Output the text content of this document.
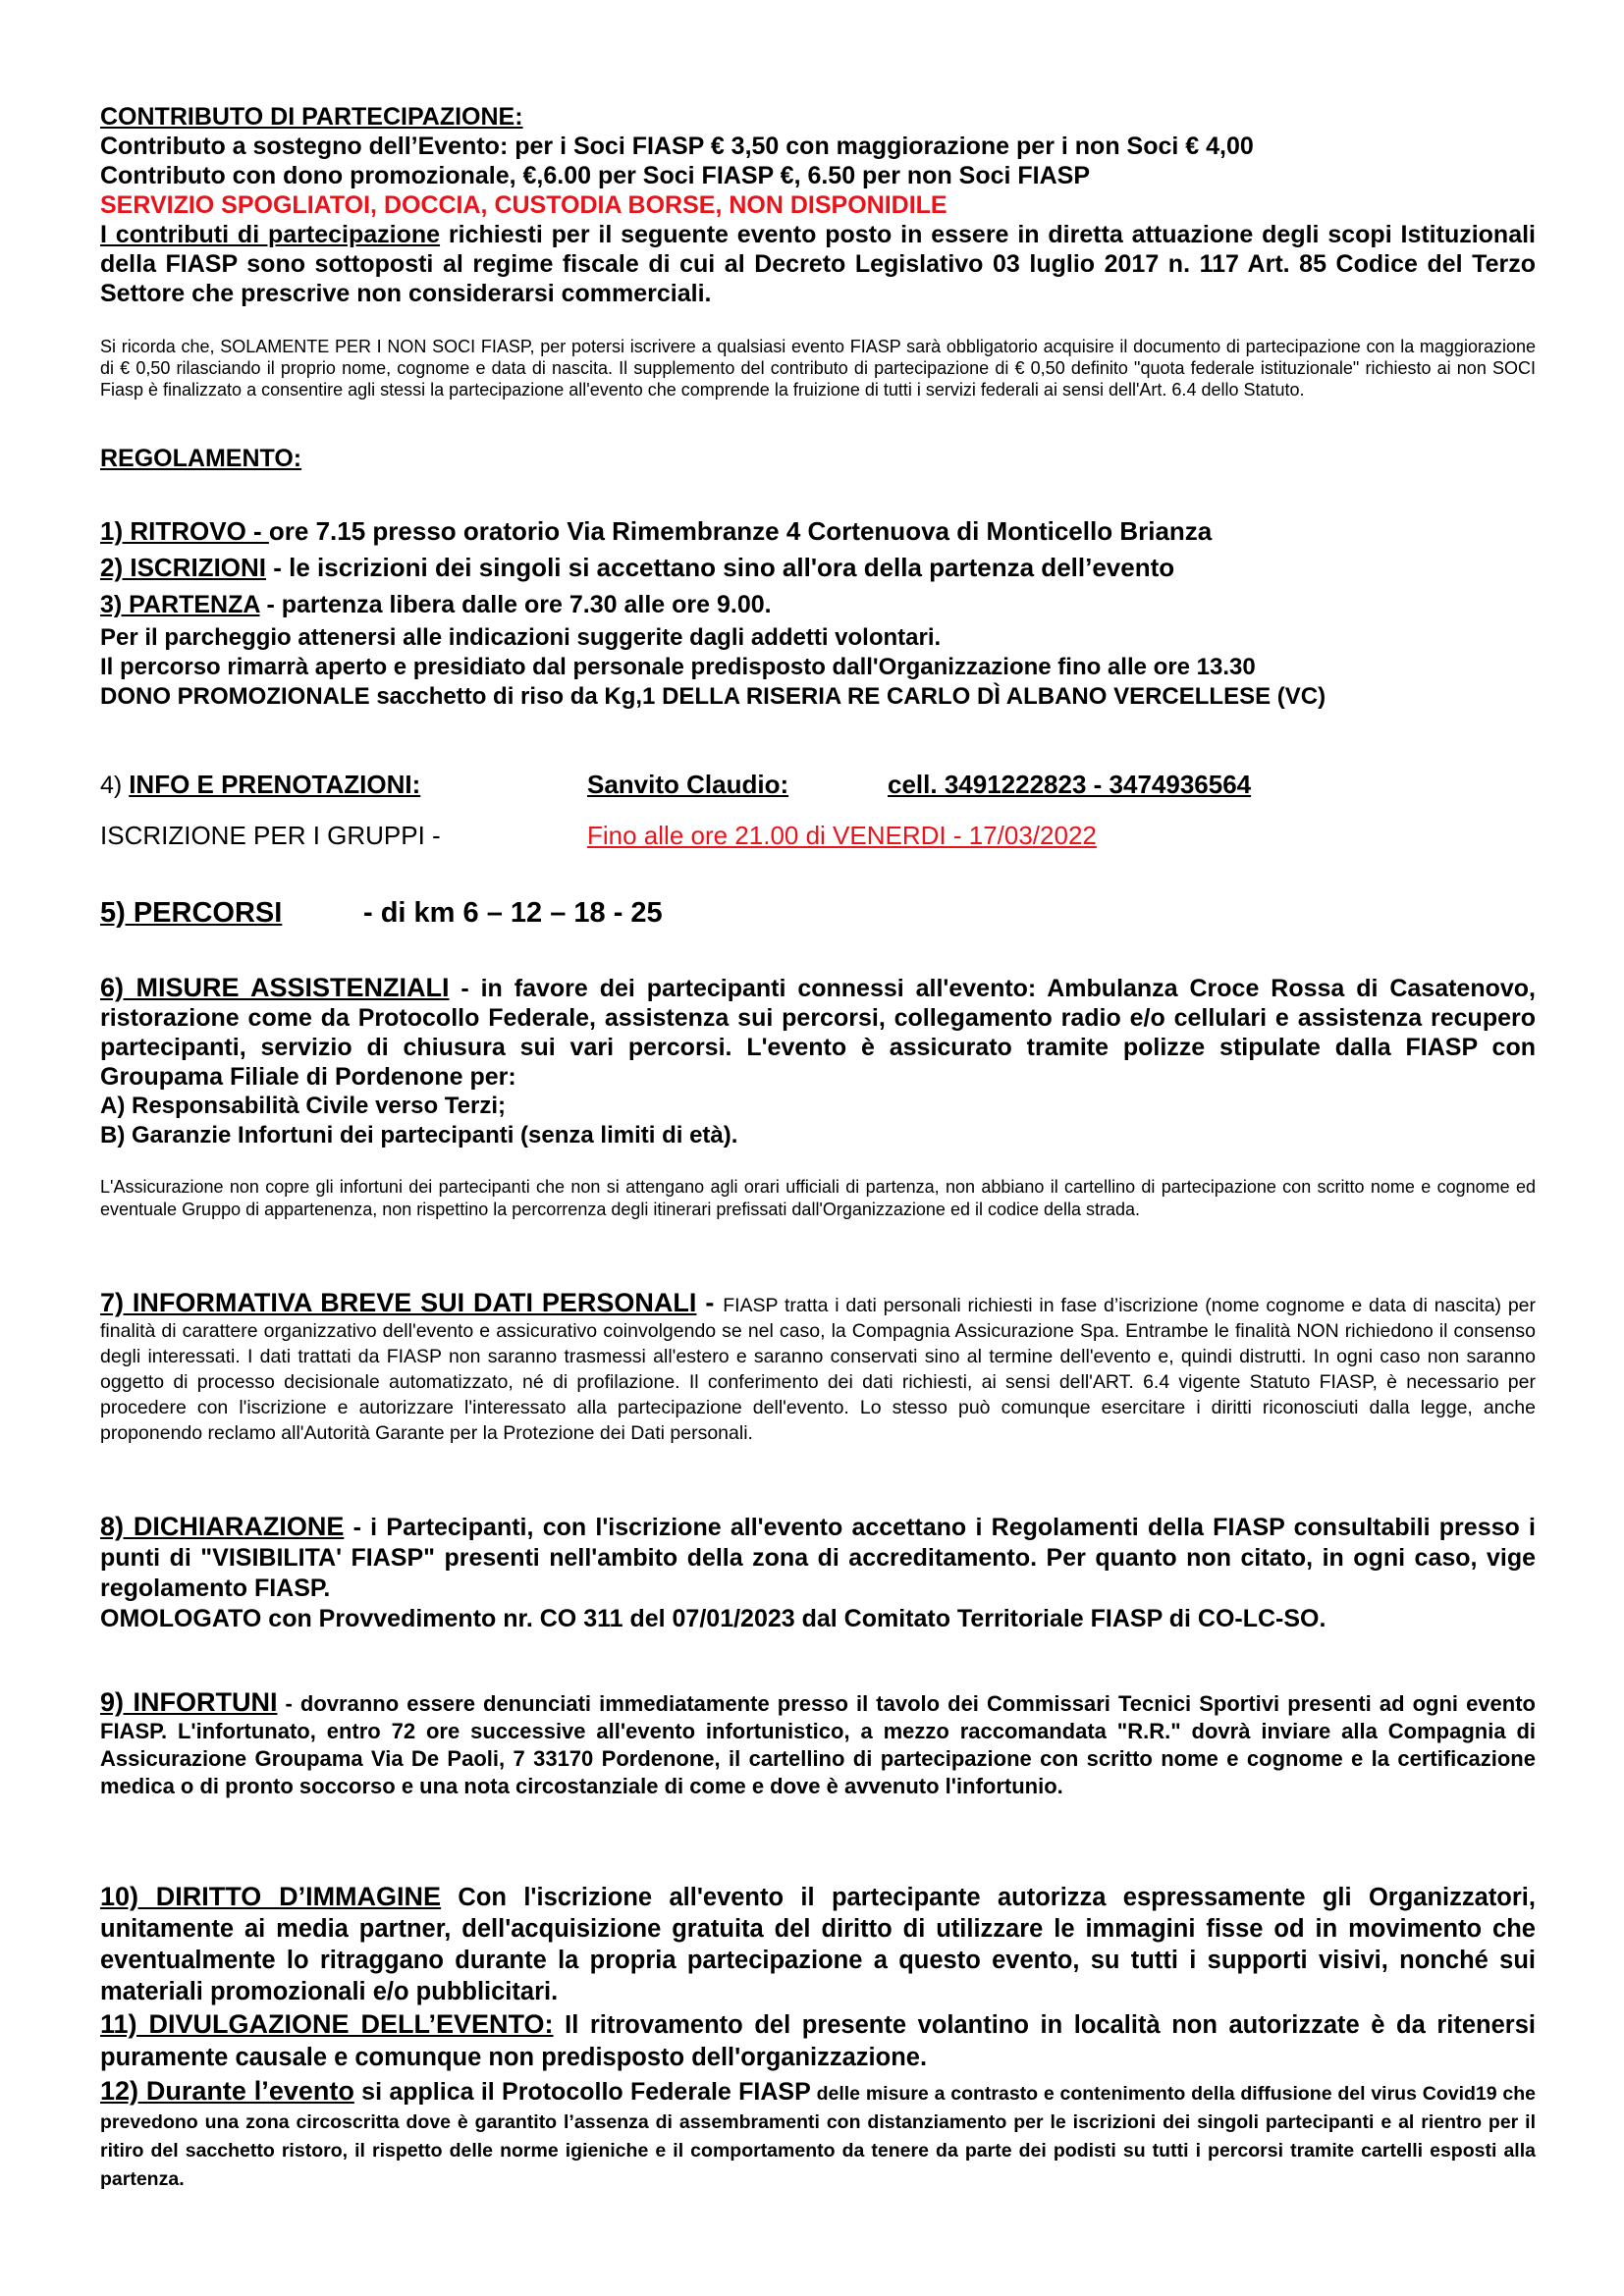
CONTRIBUTO DI PARTECIPAZIONE:

Contributo a sostegno dell’Evento: per i Soci FIASP € 3,50 con maggiorazione per i non Soci € 4,00

Contributo con dono promozionale, €,6.00 per Soci FIASP €, 6.50 per non Soci FIASP

SERVIZIO SPOGLIATOI, DOCCIA, CUSTODIA BORSE, NON DISPONIDILE

I contributi di partecipazione richiesti per il seguente evento posto in essere in diretta attuazione degli scopi Istituzionali della FIASP sono sottoposti al regime fiscale di cui al Decreto Legislativo 03 luglio 2017 n. 117 Art. 85 Codice del Terzo Settore che prescrive non considerarsi commerciali.

Si ricorda che, SOLAMENTE PER I NON SOCI FIASP, per potersi iscrivere a qualsiasi evento FIASP sarà obbligatorio acquisire il documento di partecipazione con la maggiorazione di € 0,50 rilasciando il proprio nome, cognome e data di nascita. Il supplemento del contributo di partecipazione di € 0,50 definito "quota federale istituzionale" richiesto ai non SOCI Fiasp è finalizzato a consentire agli stessi la partecipazione all'evento che comprende la fruizione di tutti i servizi federali ai sensi dell'Art. 6.4 dello Statuto.
REGOLAMENTO:

1) RITROVO - ore 7.15 presso oratorio Via Rimembranze 4 Cortenuova di Monticello Brianza

2) ISCRIZIONI - le iscrizioni dei singoli si accettano sino all'ora della partenza dell’evento

3) PARTENZA - partenza libera dalle ore 7.30 alle ore 9.00.

Per il parcheggio attenersi alle indicazioni suggerite dagli addetti volontari.

Il percorso rimarrà aperto e presidiato dal personale predisposto dall'Organizzazione fino alle ore 13.30

DONO PROMOZIONALE sacchetto di riso da Kg,1 DELLA RISERIA RE CARLO DÌ ALBANO VERCELLESE (VC)

4) INFO E PRENOTAZIONI:	Sanvito Claudio:	cell. 3491222823 - 3474936564
ISCRIZIONE PER I GRUPPI -	Fino alle ore 21.00 di VENERDI - 17/03/2022
5) PERCORSI	- di km 6 – 12 – 18 - 25

6) MISURE ASSISTENZIALI - in favore dei partecipanti connessi all'evento: Ambulanza Croce Rossa di Casatenovo, ristorazione come da Protocollo Federale, assistenza sui percorsi, collegamento radio e/o cellulari e assistenza recupero partecipanti, servizio di chiusura sui vari percorsi. L'evento è assicurato tramite polizze stipulate dalla FIASP con Groupama Filiale di Pordenone per:

A) Responsabilità Civile verso Terzi;

B) Garanzie Infortuni dei partecipanti (senza limiti di età).

L'Assicurazione non copre gli infortuni dei partecipanti che non si attengano agli orari ufficiali di partenza, non abbiano il cartellino di partecipazione con scritto nome e cognome ed eventuale Gruppo di appartenenza, non rispettino la percorrenza degli itinerari prefissati dall'Organizzazione ed il codice della strada.
7) INFORMATIVA BREVE SUI DATI PERSONALI - FIASP tratta i dati personali richiesti in fase d’iscrizione (nome cognome e data di nascita) per finalità di carattere organizzativo dell'evento e assicurativo coinvolgendo se nel caso, la Compagnia Assicurazione Spa. Entrambe le finalità NON richiedono il consenso degli interessati. I dati trattati da FIASP non saranno trasmessi all'estero e saranno conservati sino al termine dell'evento e, quindi distrutti. In ogni caso non saranno oggetto di processo decisionale automatizzato, né di profilazione. Il conferimento dei dati richiesti, ai sensi dell'ART. 6.4 vigente Statuto FIASP, è necessario per procedere con l'iscrizione e autorizzare l'interessato alla partecipazione dell'evento. Lo stesso può comunque esercitare i diritti riconosciuti dalla legge, anche proponendo reclamo all'Autorità Garante per la Protezione dei Dati personali.

8) DICHIARAZIONE - i Partecipanti, con l'iscrizione all'evento accettano i Regolamenti della FIASP consultabili presso i punti di "VISIBILITA' FIASP" presenti nell'ambito della zona di accreditamento. Per quanto non citato, in ogni caso, vige regolamento FIASP.

OMOLOGATO con Provvedimento nr. CO 311 del 07/01/2023 dal Comitato Territoriale FIASP di CO-LC-SO.

9) INFORTUNI - dovranno essere denunciati immediatamente presso il tavolo dei Commissari Tecnici Sportivi presenti ad ogni evento FIASP. L'infortunato, entro 72 ore successive all'evento infortunistico, a mezzo raccomandata "R.R." dovrà inviare alla Compagnia di Assicurazione Groupama Via De Paoli, 7 33170 Pordenone, il cartellino di partecipazione con scritto nome e cognome e la certificazione medica o di pronto soccorso e una nota circostanziale di come e dove è avvenuto l'infortunio.
10) DIRITTO D’IMMAGINE Con l'iscrizione all'evento il partecipante autorizza espressamente gli Organizzatori, unitamente ai media partner, dell'acquisizione gratuita del diritto di utilizzare le immagini fisse od in movimento che eventualmente lo ritraggano durante la propria partecipazione a questo evento, su tutti i supporti visivi, nonché sui materiali promozionali e/o pubblicitari.
11) DIVULGAZIONE DELL’EVENTO: Il ritrovamento del presente volantino in località non autorizzate è da ritenersi puramente causale e comunque non predisposto dell'organizzazione.
12) Durante l’evento si applica il Protocollo Federale FIASP delle misure a contrasto e contenimento della diffusione del virus Covid19 che prevedono una zona circoscritta dove è garantito l’assenza di assembramenti con distanziamento per le iscrizioni dei singoli partecipanti e al rientro per il ritiro del sacchetto ristoro, il rispetto delle norme igieniche e il comportamento da tenere da parte dei podisti su tutti i percorsi tramite cartelli esposti alla partenza.
